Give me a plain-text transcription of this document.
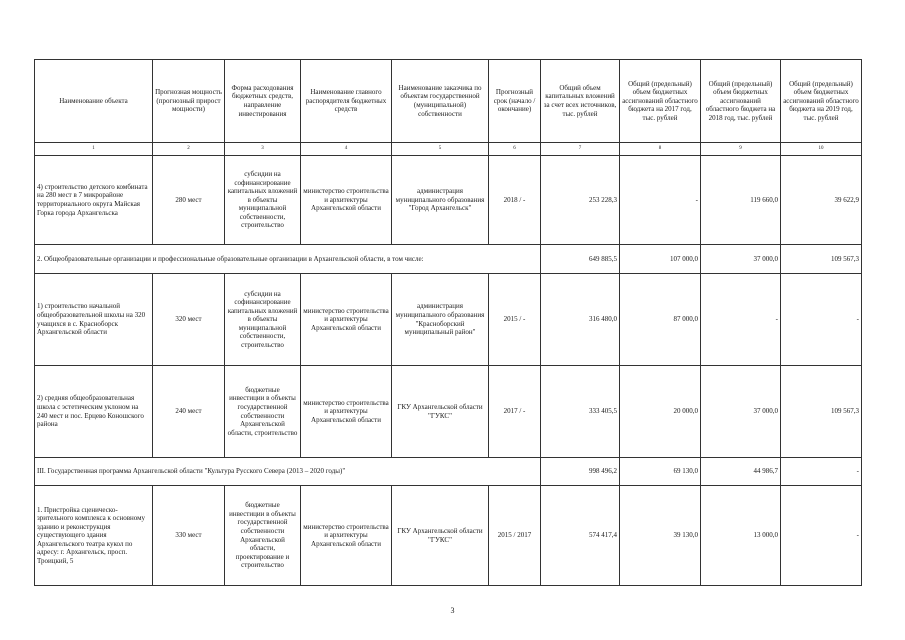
Наименование объекта	Прогнозная мощность (прогнозный прирост мощности)	Форма расходования бюджетных средств, направление инвестирования	Наименование главного распорядителя бюджетных средств	Наименование заказчика по объектам государственной (муниципальной) собственности	Прогнозный срок (начало / окончание)	Общий объем капитальных вложений за счет всех источников, тыс. рублей	Общий (предельный) объем бюджетных ассигнований областного бюджета на 2017 год, тыс. рублей	Общий (предельный) объем бюджетных ассигнований областного бюджета на 2018 год, тыс. рублей	Общий (предельный) объем бюджетных ассигнований областного бюджета на 2019 год, тыс. рублей
1	2	3	4	5	6	7	8	9	10
4) строительство детского комбината на 280 мест в 7 микрорайоне территориального округа Майская Горка города Архангельска	280 мест	субсидии на софинансирование капитальных вложений в объекты муниципальной собственности, строительство	министерство строительства и архитектуры Архангельской области	администрация муниципального образования "Город Архангельск"	2018 / -	253 228,3	-	119 660,0	39 622,9
2. Общеобразовательные организации и профессиональные образовательные организации в Архангельской области, в том числе:						649 885,5	107 000,0	37 000,0	109 567,3
1) строительство начальной общеобразовательной школы на 320 учащихся в с. Красноборск Архангельской области	320 мест	субсидии на софинансирование капитальных вложений в объекты муниципальной собственности, строительство	министерство строительства и архитектуры Архангельской области	администрация муниципального образования "Красноборский муниципальный район"	2015 / -	316 480,0	87 000,0	-	-
2) средняя общеобразовательная школа с эстетическим уклоном на 240 мест и пос. Ерцево Коношского района	240 мест	бюджетные инвестиции в объекты государственной собственности Архангельской области, строительство	министерство строительства и архитектуры Архангельской области	ГКУ Архангельской области "ГУКС"	2017 / -	333 405,5	20 000,0	37 000,0	109 567,3
III. Государственная программа Архангельской области "Культура Русского Севера (2013 – 2020 годы)"						998 496,2	69 130,0	44 986,7	-
1. Пристройка сценическо-зрительного комплекса к основному зданию и реконструкция существующего здания Архангельского театра кукол по адресу: г. Архангельск, просп. Троицкий, 5	330 мест	бюджетные инвестиции в объекты государственной собственности Архангельской области, проектирование и строительство	министерство строительства и архитектуры Архангельской области	ГКУ Архангельской области "ГУКС"	2015 / 2017	574 417,4	39 130,0	13 000,0	-
3
